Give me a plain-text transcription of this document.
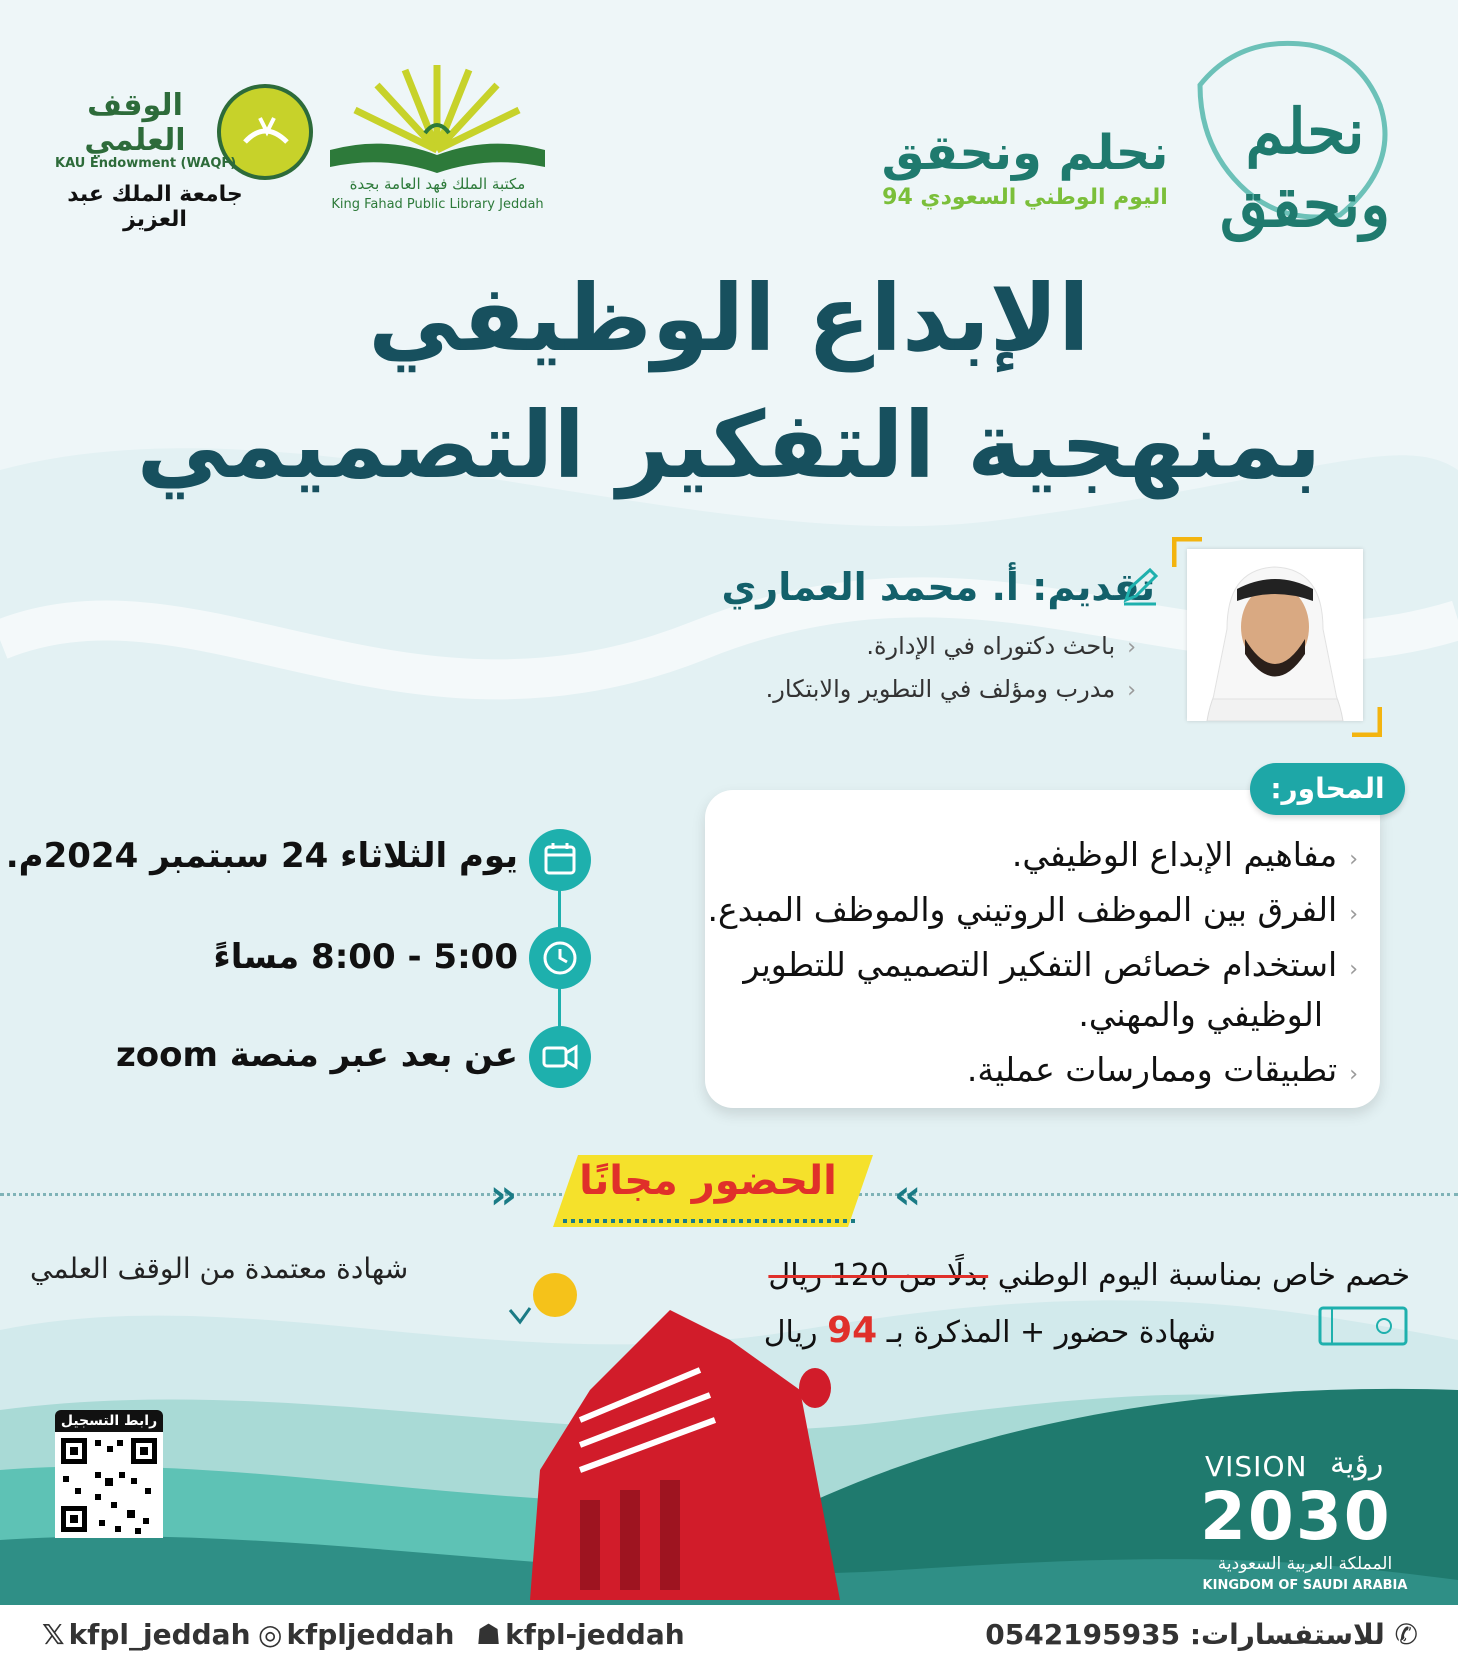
الوقف العلمي
KAU Endowment (WAQF)
جامعة الملك عبد العزيز
مكتبة الملك فهد العامة بجدة
King Fahad Public Library Jeddah
نحلم ونحقق
نحلم ونحقق
اليوم الوطني السعودي 94
الإبداع الوظيفي
بمنهجية التفكير التصميمي
تقديم: أ. محمد العماري
‹باحث دكتوراه في الإدارة.
‹مدرب ومؤلف في التطوير والابتكار.
المحاور:
‹مفاهيم الإبداع الوظيفي.
‹الفرق بين الموظف الروتيني والموظف المبدع.
‹استخدام خصائص التفكير التصميمي للتطوير
الوظيفي والمهني.
‹تطبيقات وممارسات عملية.
يوم الثلاثاء 24 سبتمبر 2024م.
5:00 - 8:00 مساءً
عن بعد عبر منصة zoom
الحضور مجانًا
››	››
خصم خاص بمناسبة اليوم الوطني بدلًا من 120 ريال
شهادة حضور + المذكرة بـ 94 ريال
شهادة معتمدة من الوقف العلمي
رابط التسجيل
VISION رؤية
2030
المملكة العربية السعودية
KINGDOM OF SAUDI ARABIA
𝕏 kfpl_jeddah ◎ kfpljeddah ☗ kfpl-jeddah	✆ للاستفسارات: 0542195935
